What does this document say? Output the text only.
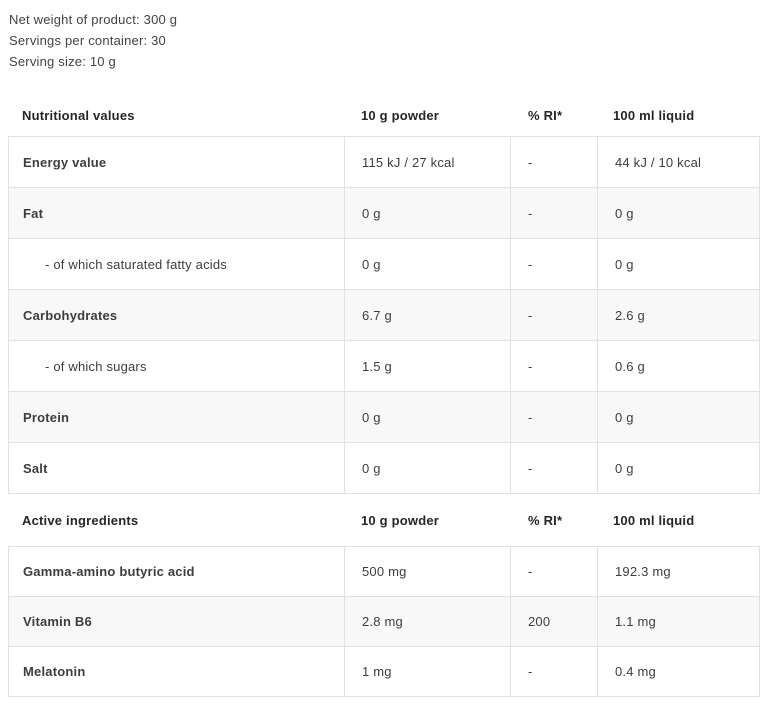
Net weight of product: 300 g
Servings per container: 30
Serving size: 10 g
Nutritional values	10 g powder	% RI*	100 ml liquid
Energy value	115 kJ / 27 kcal	-	44 kJ / 10 kcal
Fat	0 g	-	0 g
- of which saturated fatty acids	0 g	-	0 g
Carbohydrates	6.7 g	-	2.6 g
- of which sugars	1.5 g	-	0.6 g
Protein	0 g	-	0 g
Salt	0 g	-	0 g
Active ingredients	10 g powder	% RI*	100 ml liquid
Gamma-amino butyric acid	500 mg	-	192.3 mg
Vitamin B6	2.8 mg	200	1.1 mg
Melatonin	1 mg	-	0.4 mg
